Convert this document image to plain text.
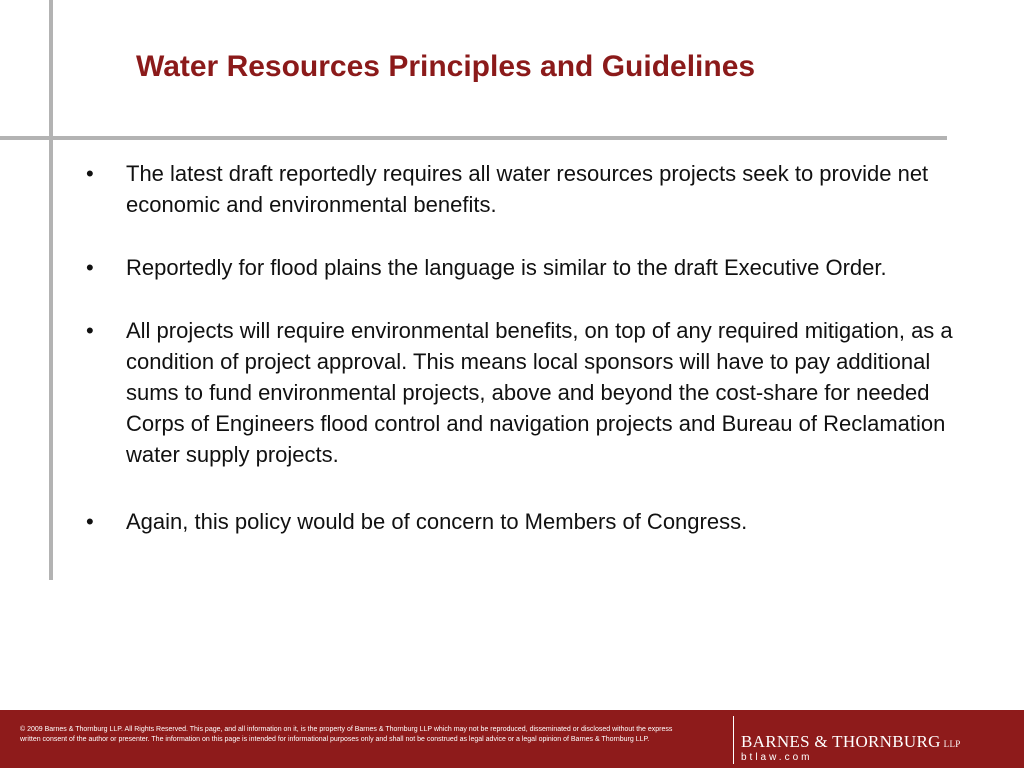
Water Resources Principles and Guidelines
•	The latest draft reportedly requires all water resources projects seek to provide net economic and environmental benefits.
•	Reportedly for flood plains the language is similar to the draft Executive Order.
•	All projects will require environmental benefits, on top of any required mitigation, as a condition of project approval. This means local sponsors will have to pay additional sums to fund environmental projects, above and beyond the cost-share for needed Corps of Engineers flood control and navigation projects and Bureau of Reclamation water supply projects.
•	Again, this policy would be of concern to Members of Congress.
© 2009 Barnes & Thornburg LLP. All Rights Reserved. This page, and all information on it, is the property of Barnes & Thornburg LLP which may not be reproduced, disseminated or disclosed without the express written consent of the author or presenter. The information on this page is intended for informational purposes only and shall not be construed as legal advice or a legal opinion of Barnes & Thornburg LLP.	BARNES & THORNBURG LLP
btlaw.com
